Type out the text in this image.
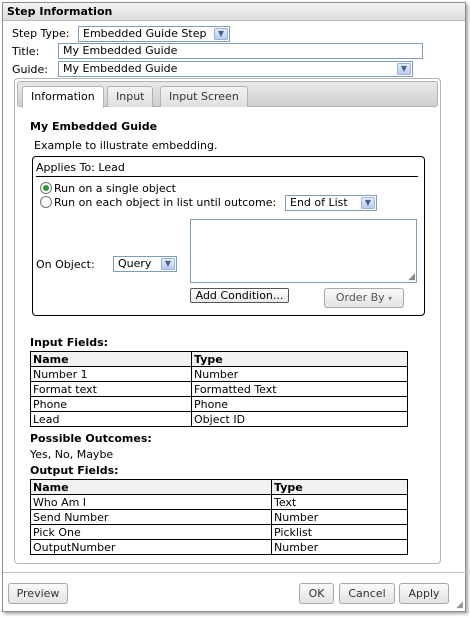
Step Information
Step Type:	Embedded Guide Step	▼
Title:	My Embedded Guide
Guide:	My Embedded Guide	▼
Information	Input	Input Screen
My Embedded Guide
Example to illustrate embedding.
Applies To: Lead
Run on a single object
Run on each object in list until outcome:	End of List	▼
On Object:	Query	▼
◢
Add Condition...	Order By ▾
Input Fields:
Name	Type
Number 1	Number
Format text	Formatted Text
Phone	Phone
Lead	Object ID
Possible Outcomes:
Yes, No, Maybe
Output Fields:
Name	Type
Who Am I	Text
Send Number	Number
Pick One	Picklist
OutputNumber	Number
Preview	OK	Cancel	Apply
◢
